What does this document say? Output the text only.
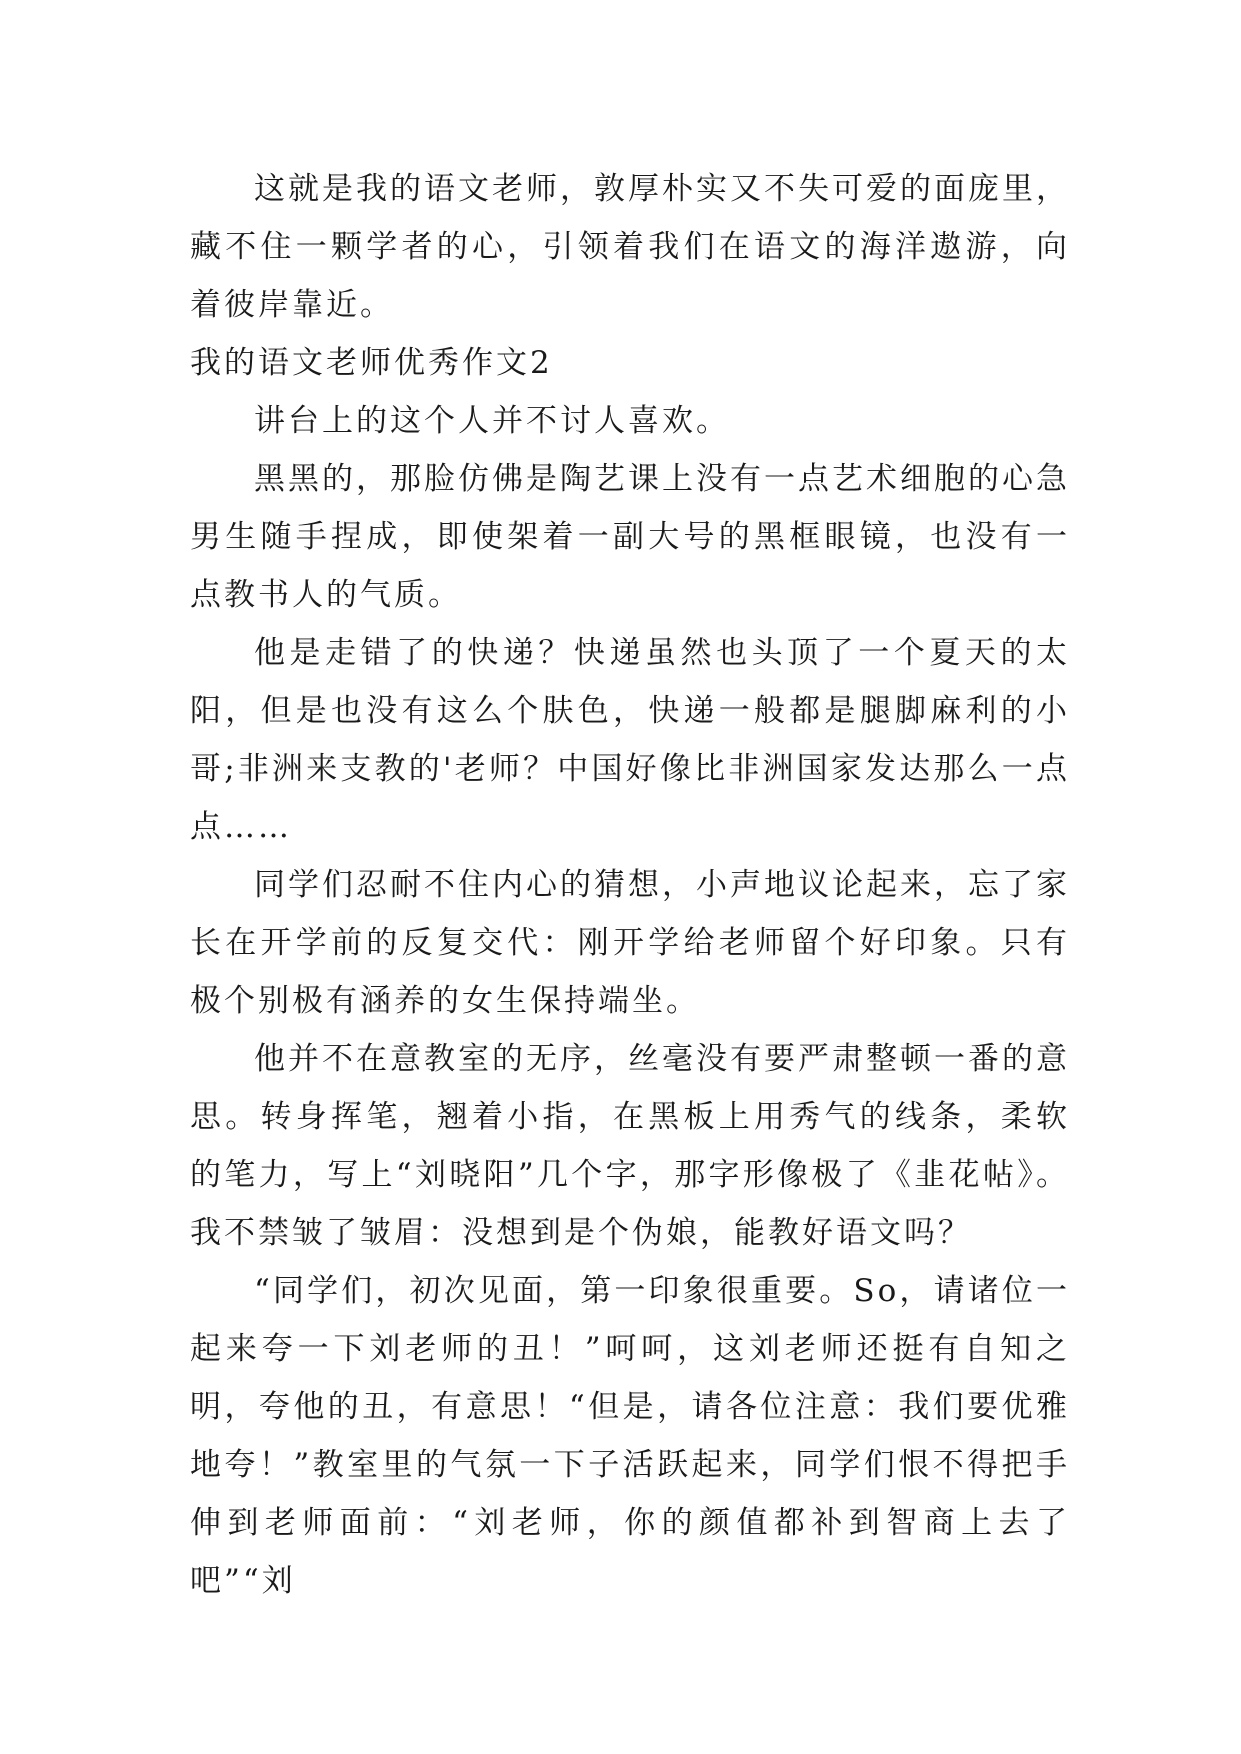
这就是我的语文老师，敦厚朴实又不失可爱的面庞里，藏不住一颗学者的心，引领着我们在语文的海洋遨游，向着彼岸靠近。

我的语文老师优秀作文2

讲台上的这个人并不讨人喜欢。

黑黑的，那脸仿佛是陶艺课上没有一点艺术细胞的心急男生随手捏成，即使架着一副大号的黑框眼镜，也没有一点教书人的气质。

他是走错了的快递？快递虽然也头顶了一个夏天的太阳，但是也没有这么个肤色，快递一般都是腿脚麻利的小哥;非洲来支教的'老师？中国好像比非洲国家发达那么一点点……

同学们忍耐不住内心的猜想，小声地议论起来，忘了家长在开学前的反复交代：刚开学给老师留个好印象。只有极个别极有涵养的女生保持端坐。

他并不在意教室的无序，丝毫没有要严肃整顿一番的意思。转身挥笔，翘着小指，在黑板上用秀气的线条，柔软的笔力，写上“刘晓阳”几个字，那字形像极了《韭花帖》。我不禁皱了皱眉：没想到是个伪娘，能教好语文吗？

“同学们，初次见面，第一印象很重要。So，请诸位一起来夸一下刘老师的丑！”呵呵，这刘老师还挺有自知之明，夸他的丑，有意思！“但是，请各位注意：我们要优雅地夸！”教室里的气氛一下子活跃起来，同学们恨不得把手伸到老师面前：“刘老师，你的颜值都补到智商上去了吧”“刘
